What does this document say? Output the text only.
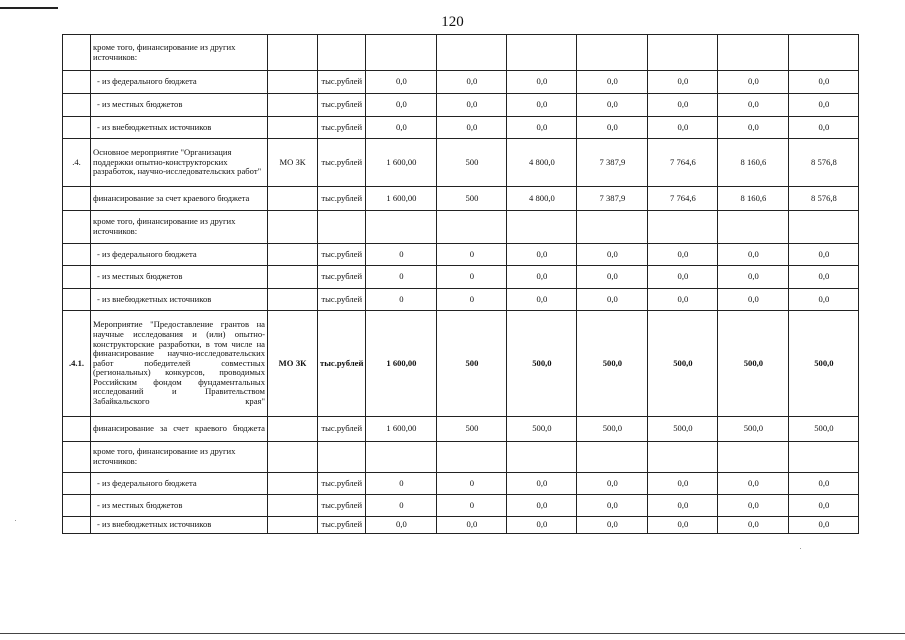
120
	кроме того, финансирование из других источников:									
	- из федерального бюджета		тыс.рублей	0,0	0,0	0,0	0,0	0,0	0,0	0,0
	- из местных бюджетов		тыс.рублей	0,0	0,0	0,0	0,0	0,0	0,0	0,0
	- из внебюджетных источников		тыс.рублей	0,0	0,0	0,0	0,0	0,0	0,0	0,0
.4.	Основное мероприятие "Организация поддержки опытно-конструкторских разработок, научно-исследовательских работ"	МО ЗК	тыс.рублей	1 600,00	500	4 800,0	7 387,9	7 764,6	8 160,6	8 576,8
	финансирование за счет краевого бюджета		тыс.рублей	1 600,00	500	4 800,0	7 387,9	7 764,6	8 160,6	8 576,8
	кроме того, финансирование из других источников:									
	- из федерального бюджета		тыс.рублей	0	0	0,0	0,0	0,0	0,0	0,0
	- из местных бюджетов		тыс.рублей	0	0	0,0	0,0	0,0	0,0	0,0
	- из внебюджетных источников		тыс.рублей	0	0	0,0	0,0	0,0	0,0	0,0
.4.1.	Мероприятие "Предоставление грантов на научные исследования и (или) опытно-конструкторские разработки, в том числе на финансирование научно-исследовательских работ победителей совместных (региональных) конкурсов, проводимых Российским фондом фундаментальных исследований и Правительством Забайкальского края"	МО ЗК	тыс.рублей	1 600,00	500	500,0	500,0	500,0	500,0	500,0
	финансирование за счет краевого бюджета		тыс.рублей	1 600,00	500	500,0	500,0	500,0	500,0	500,0
	кроме того, финансирование из других источников:									
	- из федерального бюджета		тыс.рублей	0	0	0,0	0,0	0,0	0,0	0,0
	- из местных бюджетов		тыс.рублей	0	0	0,0	0,0	0,0	0,0	0,0
	- из внебюджетных источников		тыс.рублей	0,0	0,0	0,0	0,0	0,0	0,0	0,0
